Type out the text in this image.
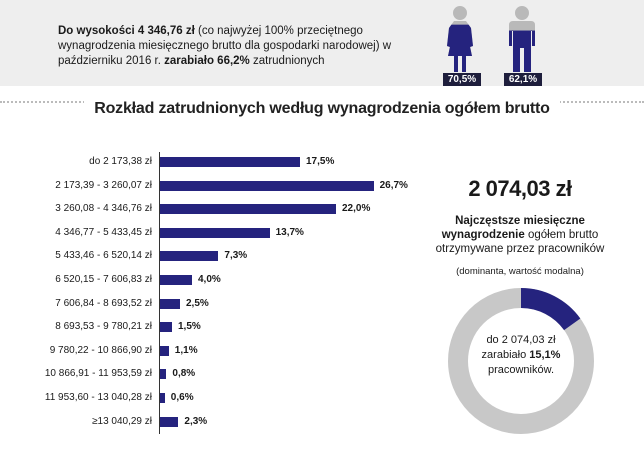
Do wysokości 4 346,76 zł (co najwyżej 100% przeciętnego wynagrodzenia miesięcznego brutto dla gospodarki narodowej) w październiku 2016 r. zarabiało 66,2% zatrudnionych
70,5%	62,1%
Rozkład zatrudnionych według wynagrodzenia ogółem brutto
do 2 173,38 zł	17,5%
2 173,39 - 3 260,07 zł	26,7%
3 260,08 - 4 346,76 zł	22,0%
4 346,77 - 5 433,45 zł	13,7%
5 433,46 - 6 520,14 zł	7,3%
6 520,15 - 7 606,83 zł	4,0%
7 606,84 - 8 693,52 zł	2,5%
8 693,53 - 9 780,21 zł	1,5%
9 780,22 - 10 866,90 zł 1,1%
10 866,91 - 11 953,59 zł 0,8%
11 953,60 - 13 040,28 zł 0,6%
≥13 040,29 zł	2,3%
2 074,03 zł
Najczęstsze miesięczne
wynagrodzenie ogółem brutto
otrzymywane przez pracowników
(dominanta, wartość modalna)
do 2 074,03 zł
zarabiało 15,1%
pracowników.
